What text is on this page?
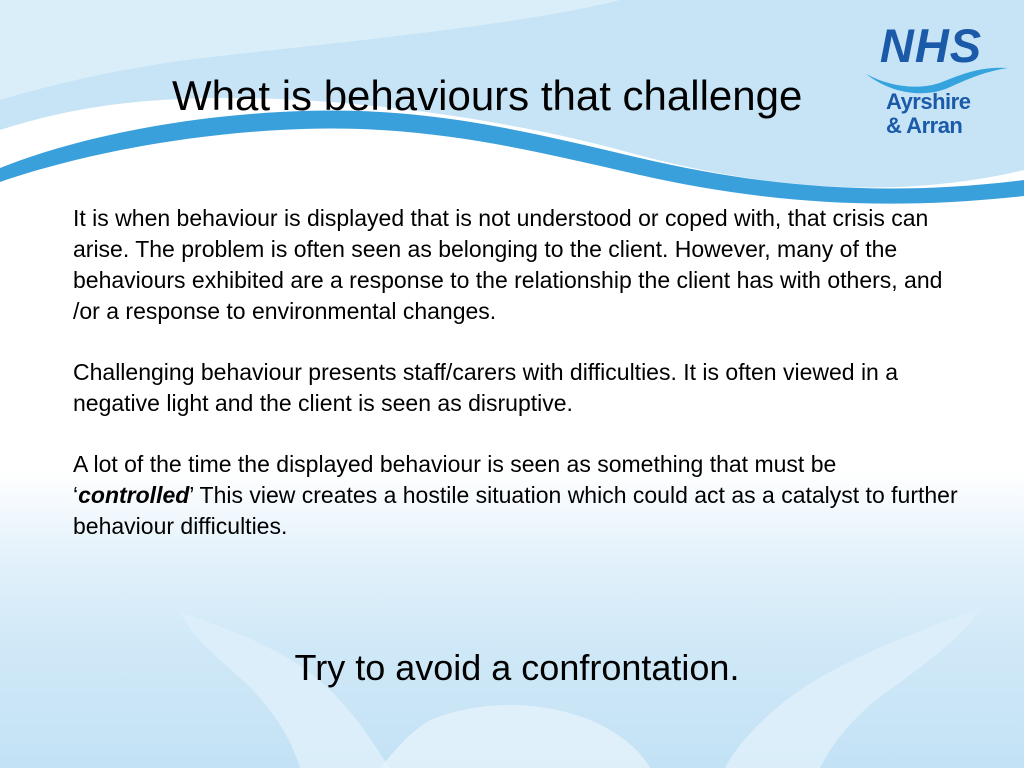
What is behaviours that challenge
NHS
Ayrshire
& Arran

It is when behaviour is displayed that is not understood or coped with, that crisis can arise. The problem is often seen as belonging to the client. However, many of the behaviours exhibited are a response to the relationship the client has with others, and /or a response to environmental changes.

Challenging behaviour presents staff/carers with difficulties. It is often viewed in a negative light and the client is seen as disruptive.

A lot of the time the displayed behaviour is seen as something that must be ‘controlled’ This view creates a hostile situation which could act as a catalyst to further behaviour difficulties.

Try to avoid a confrontation.
